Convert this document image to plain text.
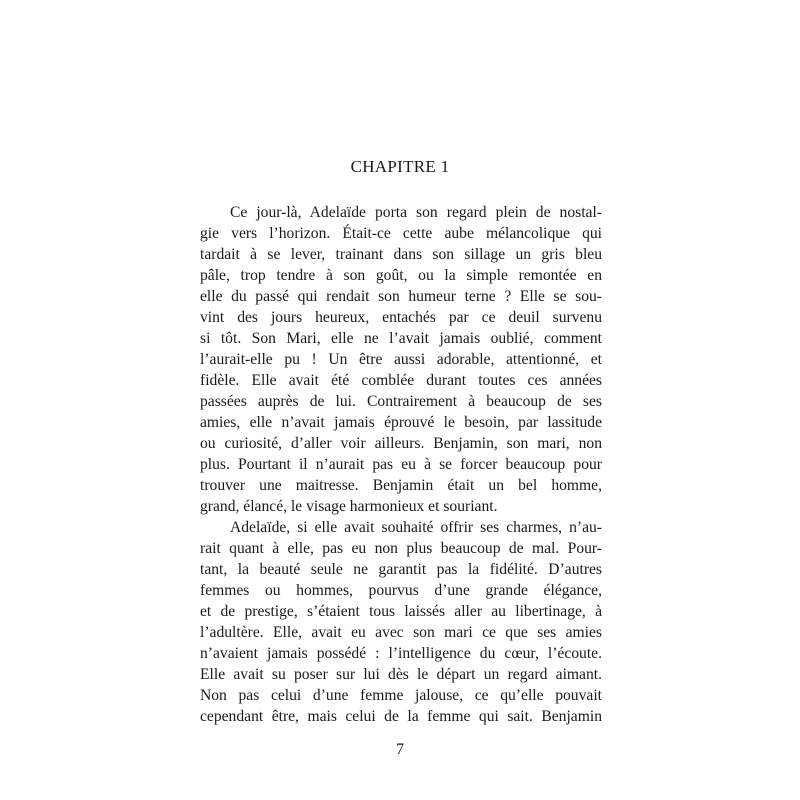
CHAPITRE 1
Ce jour-là, Adelaïde porta son regard plein de nostal-
gie vers l’horizon. Était-ce cette aube mélancolique qui
tardait à se lever, trainant dans son sillage un gris bleu
pâle, trop tendre à son goût, ou la simple remontée en
elle du passé qui rendait son humeur terne ? Elle se sou-
vint des jours heureux, entachés par ce deuil survenu
si tôt. Son Mari, elle ne l’avait jamais oublié, comment
l’aurait-elle pu ! Un être aussi adorable, attentionné, et
fidèle. Elle avait été comblée durant toutes ces années
passées auprès de lui. Contrairement à beaucoup de ses
amies, elle n’avait jamais éprouvé le besoin, par lassitude
ou curiosité, d’aller voir ailleurs. Benjamin, son mari, non
plus. Pourtant il n’aurait pas eu à se forcer beaucoup pour
trouver une maitresse. Benjamin était un bel homme,
grand, élancé, le visage harmonieux et souriant.
Adelaïde, si elle avait souhaité offrir ses charmes, n’au-
rait quant à elle, pas eu non plus beaucoup de mal. Pour-
tant, la beauté seule ne garantit pas la fidélité. D’autres
femmes ou hommes, pourvus d’une grande élégance,
et de prestige, s’étaient tous laissés aller au libertinage, à
l’adultère. Elle, avait eu avec son mari ce que ses amies
n’avaient jamais possédé : l’intelligence du cœur, l’écoute.
Elle avait su poser sur lui dès le départ un regard aimant.
Non pas celui d’une femme jalouse, ce qu’elle pouvait
cependant être, mais celui de la femme qui sait. Benjamin
7
